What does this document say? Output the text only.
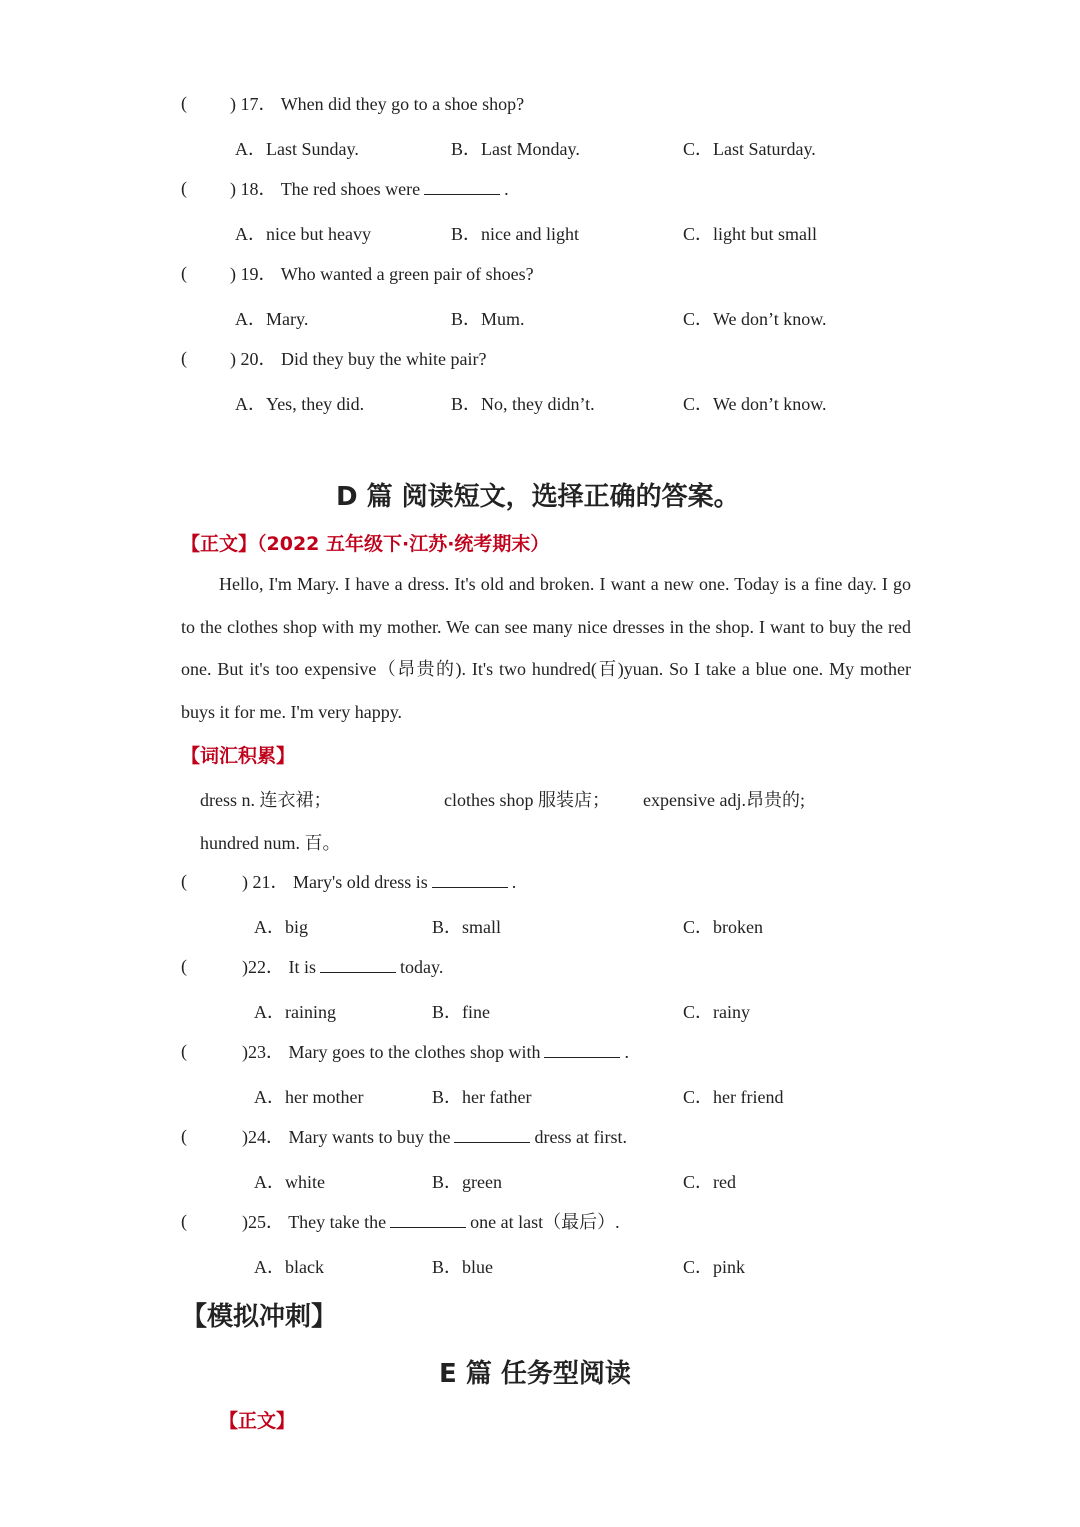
( ) 17． When did they go to a shoe shop?
A．Last Sunday.	B．Last Monday.	C．Last Saturday.
( ) 18． The red shoes were	.
A．nice but heavy	B．nice and light	C．light but small
( ) 19． Who wanted a green pair of shoes?
A．Mary.	B．Mum.	C．We don’t know.
( ) 20． Did they buy the white pair?
A．Yes, they did.	B．No, they didn’t.	C．We don’t know.
D 篇 阅读短文，选择正确的答案。
【正文】（2022 五年级下·江苏·统考期末）
Hello, I'm Mary. I have a dress. It's old and broken. I want a new one. Today is a fine day. I go to the clothes shop with my mother. We can see many nice dresses in the shop. I want to buy the red one. But it's too expensive（昂贵的). It's two hundred(百)yuan. So I take a blue one. My mother buys it for me. I'm very happy.
【词汇积累】
dress n. 连衣裙；	clothes shop 服装店； expensive adj.昂贵的;
hundred num. 百。
(	) 21． Mary's old dress is	.
A．big	B．small	C．broken
(	)22． It is	today.
A．raining	B．fine	C．rainy
(	)23． Mary goes to the clothes shop with	.
A．her mother	B．her father	C．her friend
(	)24． Mary wants to buy the	dress at first.
A．white	B．green	C．red
(	)25． They take the	one at last（最后）.
A．black	B．blue	C．pink
【模拟冲刺】
E 篇 任务型阅读
【正文】
